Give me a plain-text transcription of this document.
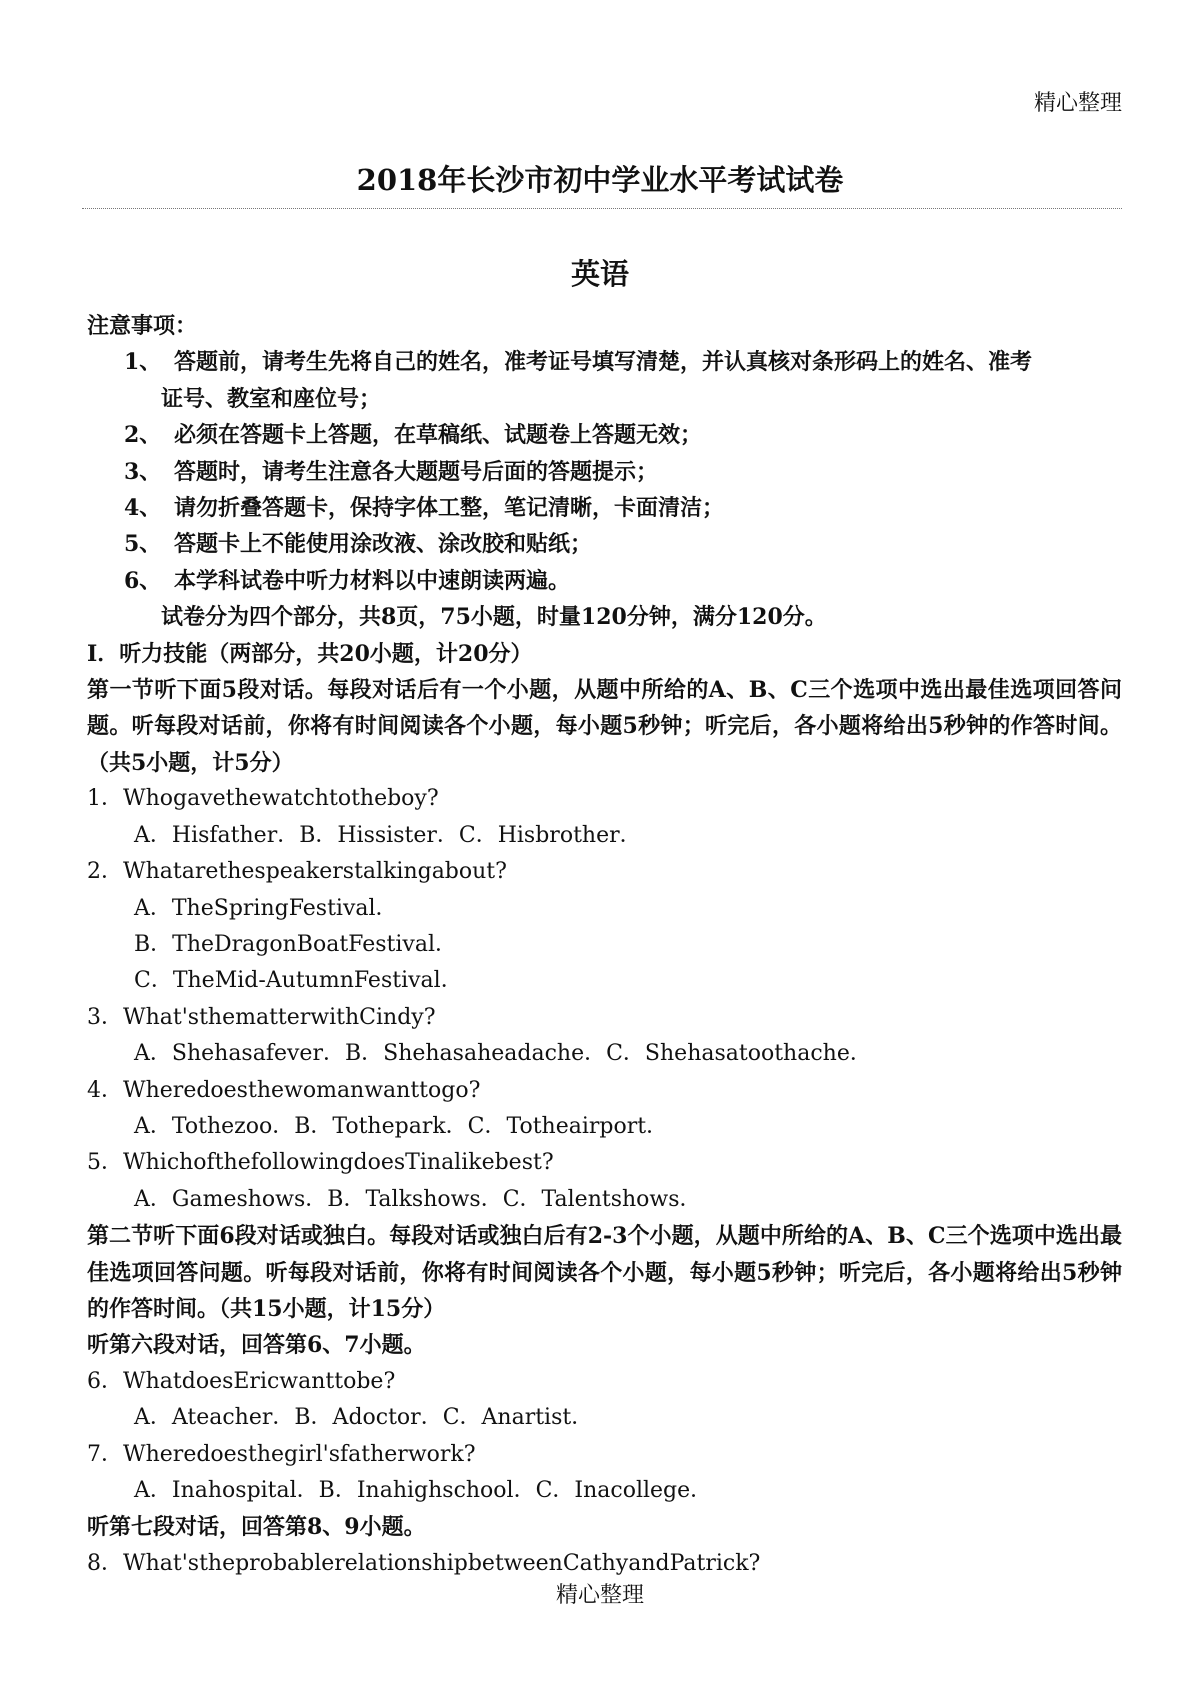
精心整理
2018年长沙市初中学业水平考试试卷
英语
注意事项：
1、 答题前，请考生先将自己的姓名，准考证号填写清楚，并认真核对条形码上的姓名、准考
证号、教室和座位号；
2、 必须在答题卡上答题，在草稿纸、试题卷上答题无效；
3、 答题时，请考生注意各大题题号后面的答题提示；
4、 请勿折叠答题卡，保持字体工整，笔记清晰，卡面清洁；
5、 答题卡上不能使用涂改液、涂改胶和贴纸；
6、 本学科试卷中听力材料以中速朗读两遍。
试卷分为四个部分，共8页，75小题，时量120分钟，满分120分。
Ⅰ．听力技能（两部分，共20小题，计20分）
第一节听下面5段对话。每段对话后有一个小题，从题中所给的A、B、C三个选项中选出最佳选项回答问题。听每段对话前，你将有时间阅读各个小题，每小题5秒钟；听完后，各小题将给出5秒钟的作答时间。（共5小题，计5分）
1．Whogavethewatchtotheboy?
A．Hisfather．B．Hissister．C．Hisbrother．
2．Whatarethespeakerstalkingabout?
A．TheSpringFestival．
B．TheDragonBoatFestival．
C．TheMid-AutumnFestival．
3．What'sthematterwithCindy?
A．Shehasafever．B．Shehasaheadache．C．Shehasatoothache．
4．Wheredoesthewomanwanttogo?
A．Tothezoo．B．Tothepark．C．Totheairport．
5．WhichofthefollowingdoesTinalikebest?
A．Gameshows．B．Talkshows．C．Talentshows．
第二节听下面6段对话或独白。每段对话或独白后有2-3个小题，从题中所给的A、B、C三个选项中选出最佳选项回答问题。听每段对话前，你将有时间阅读各个小题，每小题5秒钟；听完后，各小题将给出5秒钟的作答时间。（共15小题，计15分）
听第六段对话，回答第6、7小题。
6．WhatdoesEricwanttobe?
A．Ateacher．B．Adoctor．C．Anartist．
7．Wheredoesthegirl'sfatherwork?
A．Inahospital．B．Inahighschool．C．Inacollege．
听第七段对话，回答第8、9小题。
8．What'stheprobablerelationshipbetweenCathyandPatrick?
精心整理
